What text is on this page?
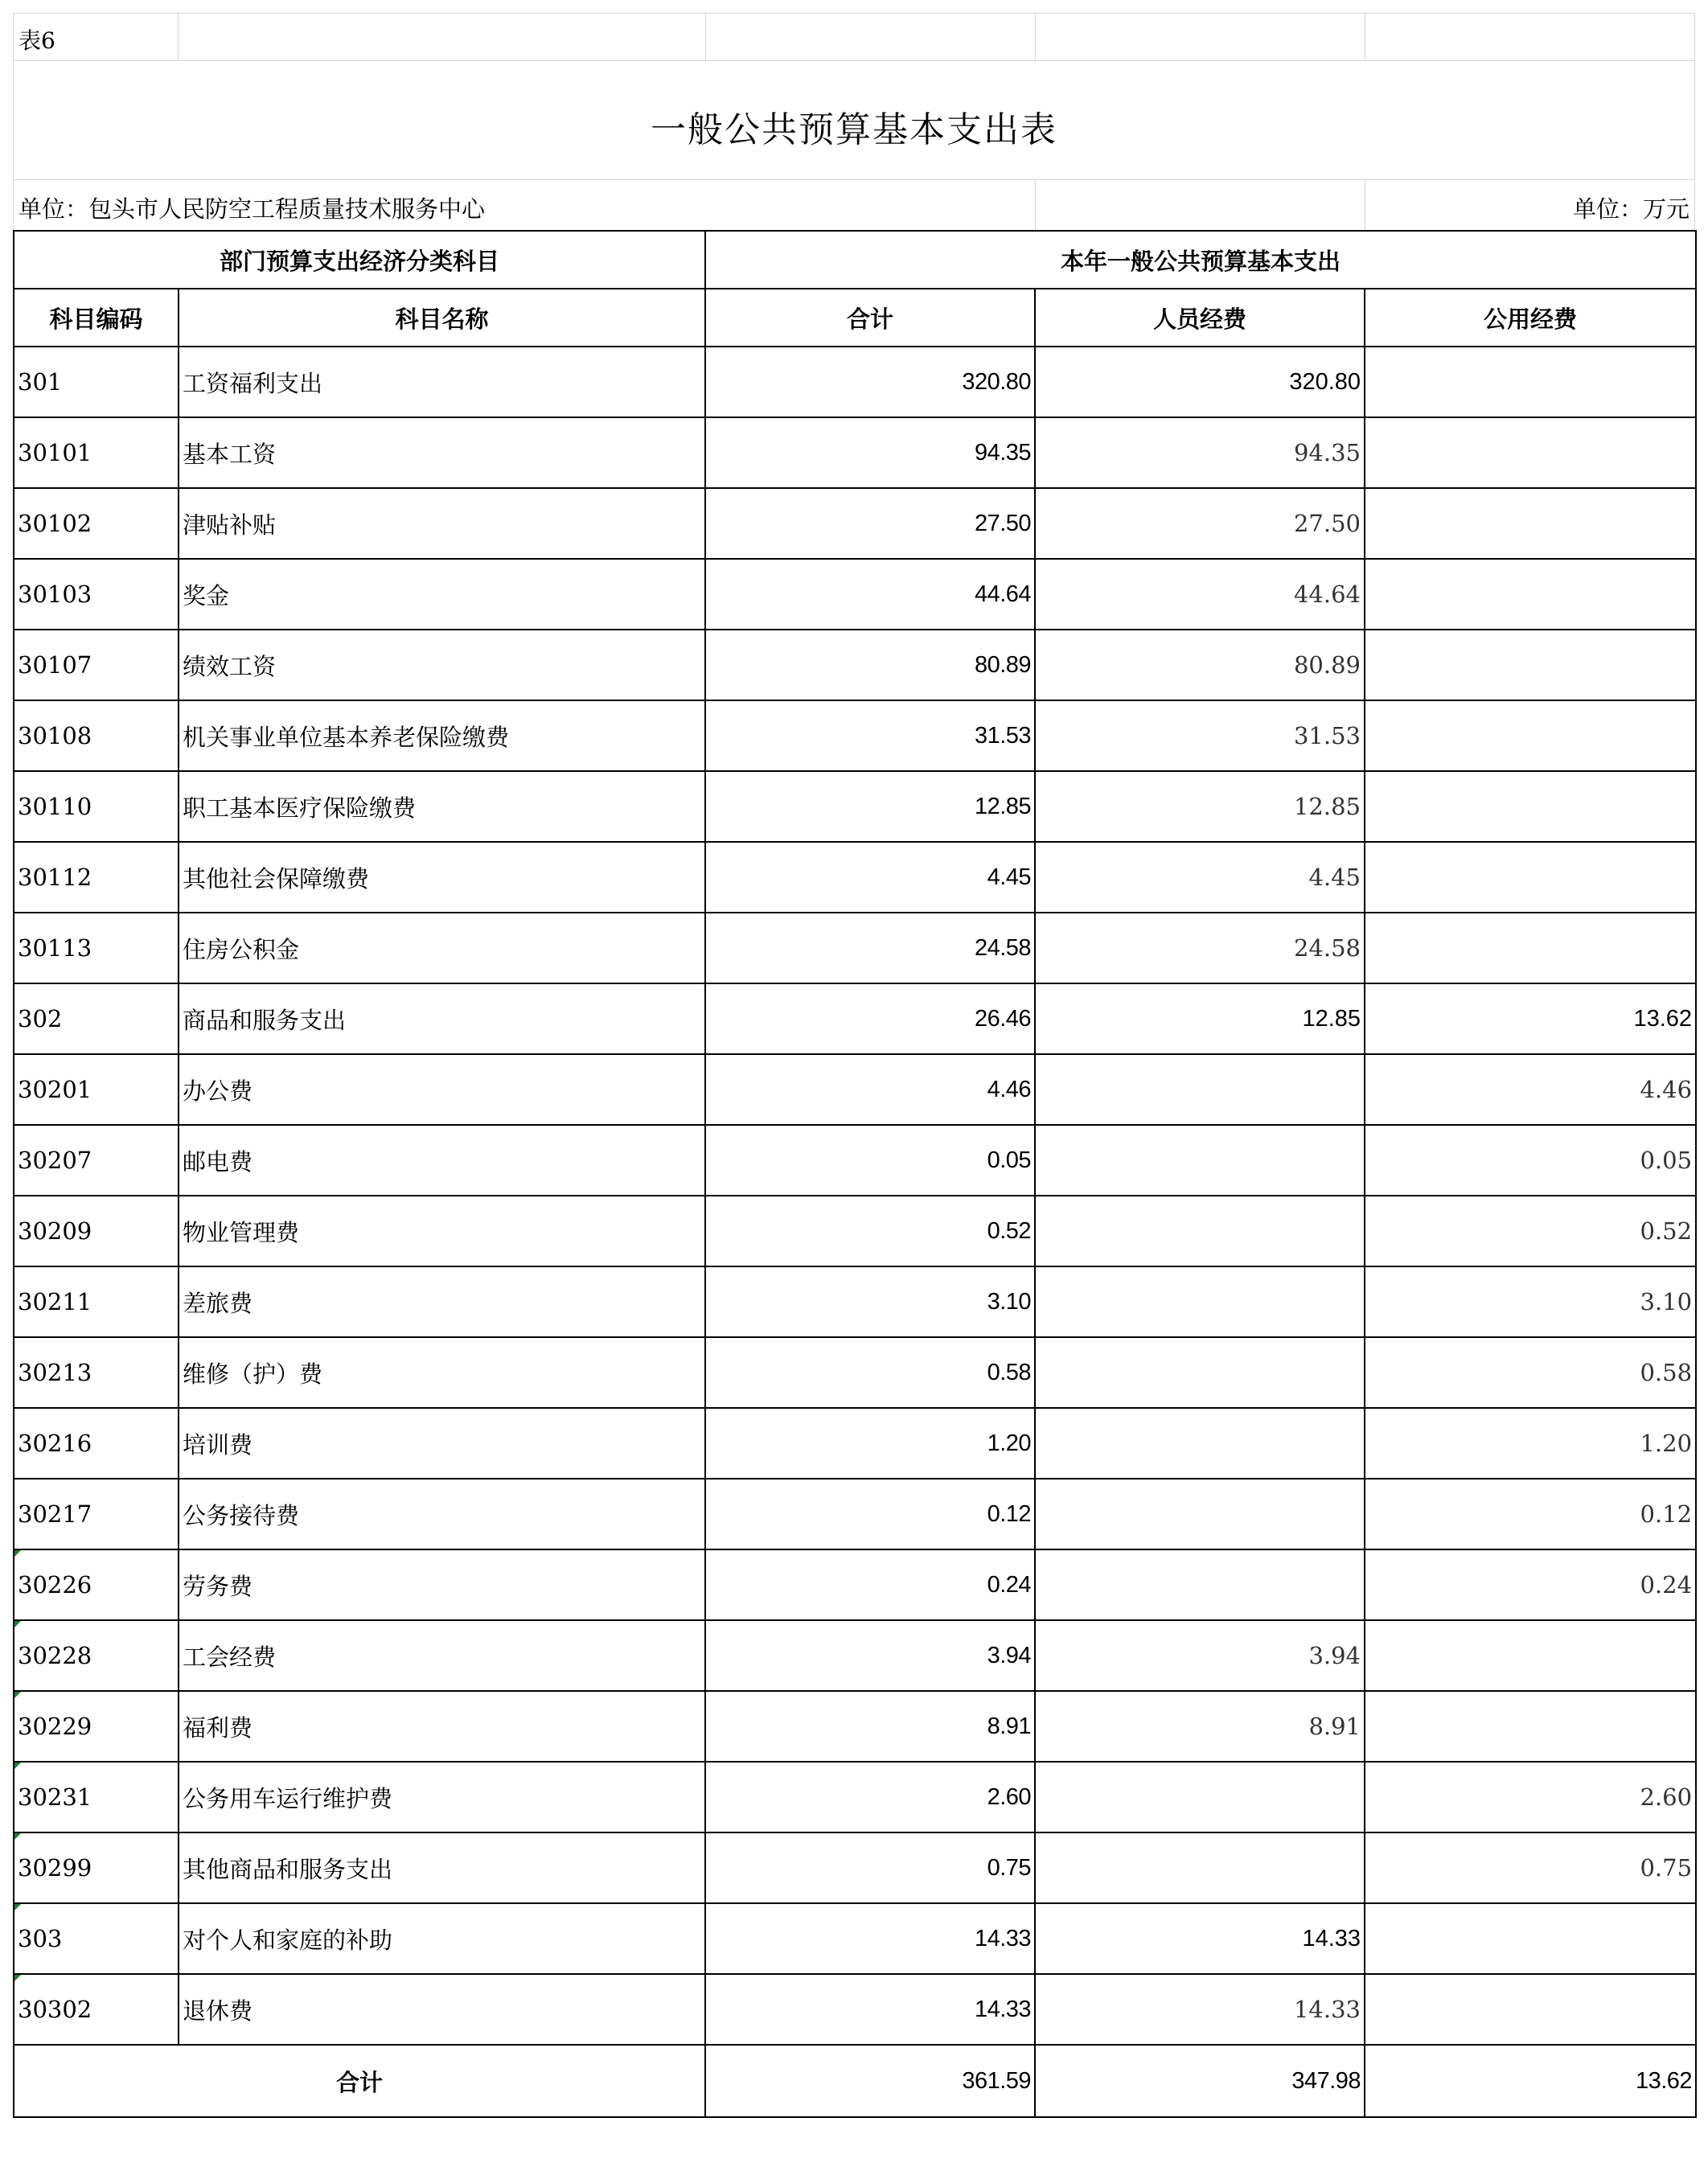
表6
一般公共预算基本支出表
单位：包头市人民防空工程质量技术服务中心	单位：万元
部门预算支出经济分类科目		本年一般公共预算基本支出		
科目编码	科目名称	合计	人员经费	公用经费
301	工资福利支出	320.80	320.80	
30101	基本工资	94.35	94.35	
30102	津贴补贴	27.50	27.50	
30103	奖金	44.64	44.64	
30107	绩效工资	80.89	80.89	
30108	机关事业单位基本养老保险缴费	31.53	31.53	
30110	职工基本医疗保险缴费	12.85	12.85	
30112	其他社会保障缴费	4.45	4.45	
30113	住房公积金	24.58	24.58	
302	商品和服务支出	26.46	12.85	13.62
30201	办公费	4.46		4.46
30207	邮电费	0.05		0.05
30209	物业管理费	0.52		0.52
30211	差旅费	3.10		3.10
30213	维修（护）费	0.58		0.58
30216	培训费	1.20		1.20
30217	公务接待费	0.12		0.12

30226	劳务费	0.24		0.24

30228	工会经费	3.94	3.94	

30229	福利费	8.91	8.91	

30231	公务用车运行维护费	2.60		2.60

30299	其他商品和服务支出	0.75		0.75

303	对个人和家庭的补助	14.33	14.33	

30302	退休费	14.33	14.33	
合计		361.59	347.98	13.62
